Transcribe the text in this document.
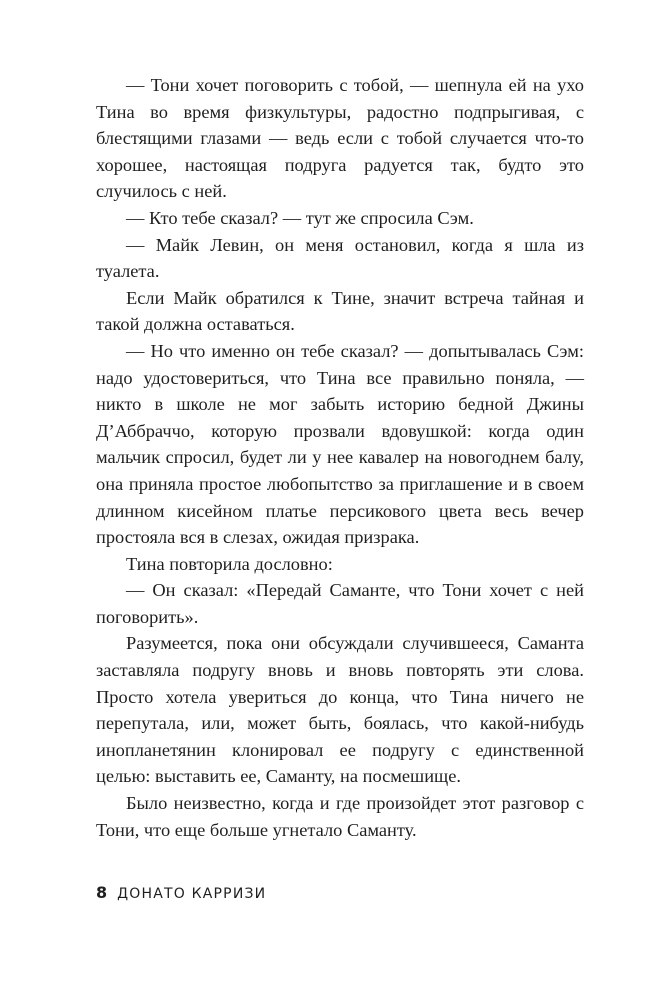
— Тони хочет поговорить с тобой, — шепнула ей на ухо Тина во время физкультуры, радостно подпрыгивая, с блестящими глазами — ведь если с тобой случается что-то хорошее, настоящая подруга радуется так, будто это случилось с ней.

— Кто тебе сказал? — тут же спросила Сэм.

— Майк Левин, он меня остановил, когда я шла из туалета.

Если Майк обратился к Тине, значит встреча тайная и такой должна оставаться.

— Но что именно он тебе сказал? — допытывалась Сэм: надо удостовериться, что Тина все правильно поняла, — никто в школе не мог забыть историю бедной Джины Д’Аббраччо, которую прозвали вдовушкой: когда один мальчик спросил, будет ли у нее кавалер на новогоднем балу, она приняла простое любопытство за приглашение и в своем длинном кисейном платье персикового цвета весь вечер простояла вся в слезах, ожидая призрака.

Тина повторила дословно:

— Он сказал: «Передай Саманте, что Тони хочет с ней поговорить».

Разумеется, пока они обсуждали случившееся, Саманта заставляла подругу вновь и вновь повторять эти слова. Просто хотела увериться до конца, что Тина ничего не перепутала, или, может быть, боялась, что какой-нибудь инопланетянин клонировал ее подругу с единственной целью: выставить ее, Саманту, на посмешище.

Было неизвестно, когда и где произойдет этот разговор с Тони, что еще больше угнетало Саманту.

8 ДОНАТО КАРРИЗИ
